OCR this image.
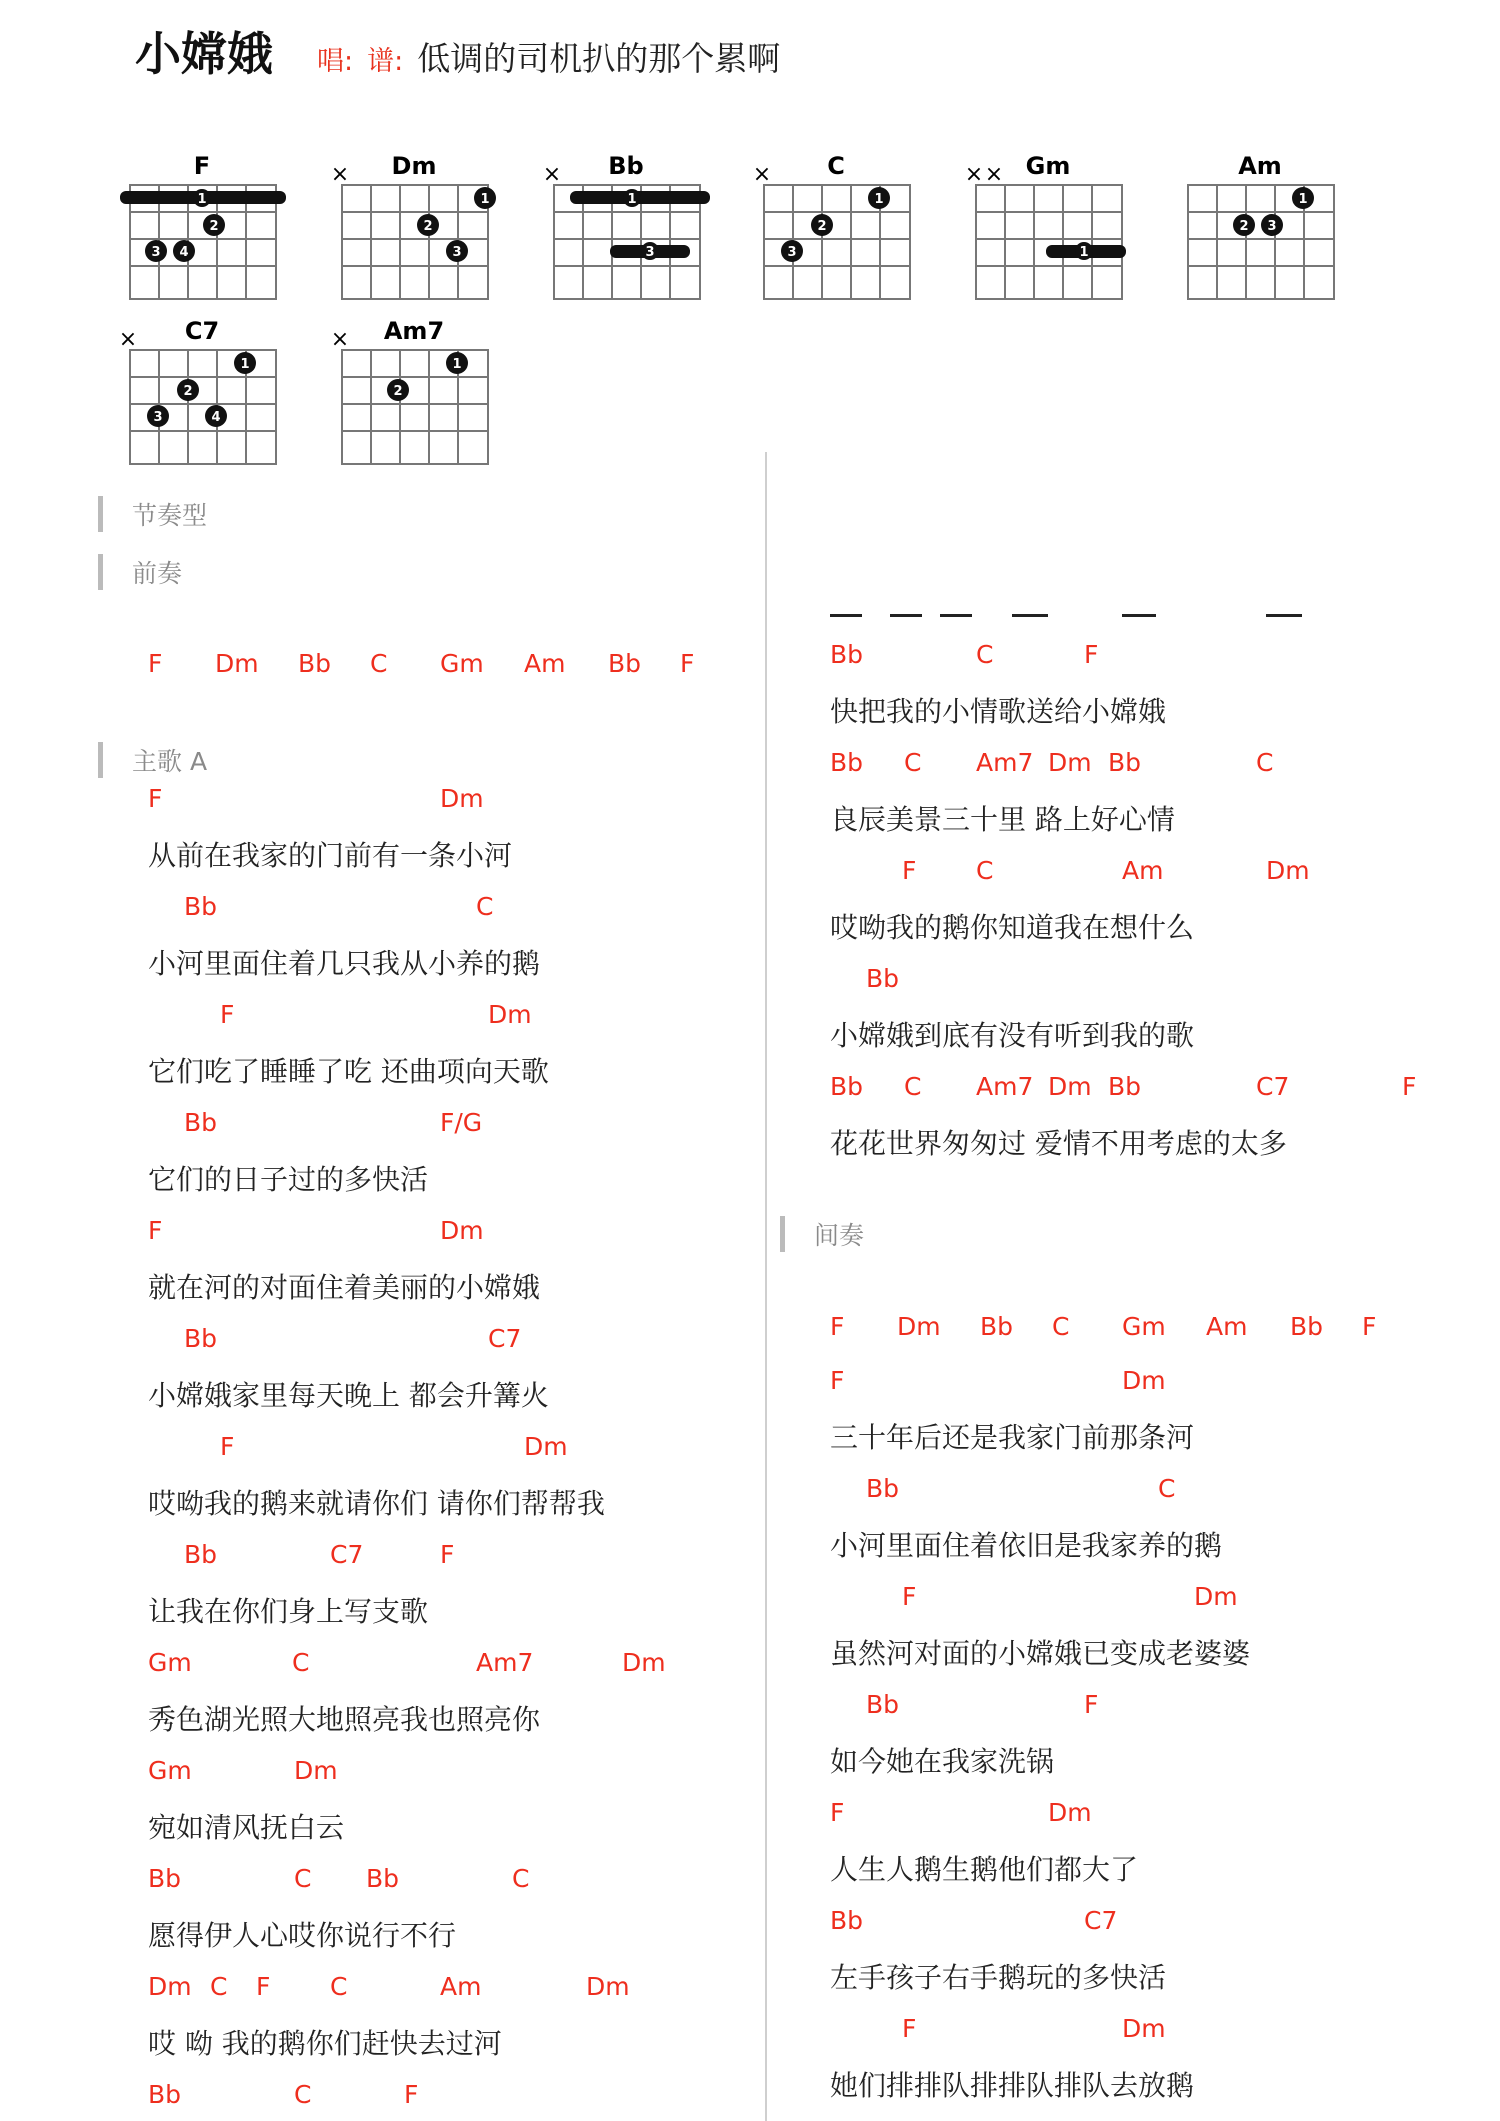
小嫦娥 唱: 谱: 低调的司机扒的那个累啊
F
1
2
3 4
Dm
×
1
2
3
Bb
×
1
3
C
×
1
2
3
Gm
× ×
1
Am
1
2 3
C7
×
1
2
3	4
Am7
×
1
2
节奏型
前奏
F Dm Bb C Gm Am Bb F
主歌 A
F	Dm
从前在我家的门前有一条小河
Bb	C
小河里面住着几只我从小养的鹅
F	Dm
它们吃了睡睡了吃 还曲项向天歌
Bb	F/G
它们的日子过的多快活
F	Dm
就在河的对面住着美丽的小嫦娥
Bb	C7
小嫦娥家里每天晚上 都会升篝火
F	Dm
哎呦我的鹅来就请你们 请你们帮帮我
Bb	C7	F
让我在你们身上写支歌
Gm	C	Am7	Dm
秀色湖光照大地照亮我也照亮你
Gm	Dm
宛如清风抚白云
Bb	C Bb	C
愿得伊人心哎你说行不行
Dm C F C	Am	Dm
哎 呦 我的鹅你们赶快去过河
Bb	C	F
Bb	C	F
快把我的小情歌送给小嫦娥
Bb C Am7 Dm Bb	C
良辰美景三十里 路上好心情
F C	Am	Dm
哎呦我的鹅你知道我在想什么
Bb
小嫦娥到底有没有听到我的歌
Bb C Am7 Dm Bb	C7	F
花花世界匆匆过 爱情不用考虑的太多
间奏
F Dm Bb C Gm Am Bb F
F	Dm
三十年后还是我家门前那条河
Bb	C
小河里面住着依旧是我家养的鹅
F	Dm
虽然河对面的小嫦娥已变成老婆婆
Bb	F
如今她在我家洗锅
F	Dm
人生人鹅生鹅他们都大了
Bb	C7
左手孩子右手鹅玩的多快活
F	Dm
她们排排队排排队排队去放鹅
